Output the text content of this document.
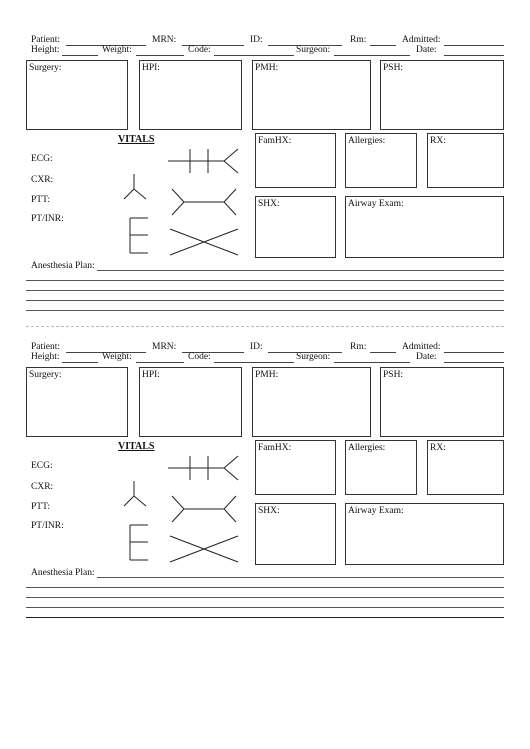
Patient:	MRN:	ID:	Rm:	Admitted:
Height:	Weight:	Code:	Surgeon:	Date:
Surgery:	HPI:	PMH:	PSH:
VITALS
ECG:
CXR:
PTT:
PT/INR:
FamHX:	Allergies:	RX:
SHX:	Airway Exam:
Anesthesia Plan:
Patient:	MRN:	ID:	Rm:	Admitted:
Height:	Weight:	Code:	Surgeon:	Date:
Surgery:	HPI:	PMH:	PSH:
VITALS
ECG:
CXR:
PTT:
PT/INR:
FamHX:	Allergies:	RX:
SHX:	Airway Exam:
Anesthesia Plan:
